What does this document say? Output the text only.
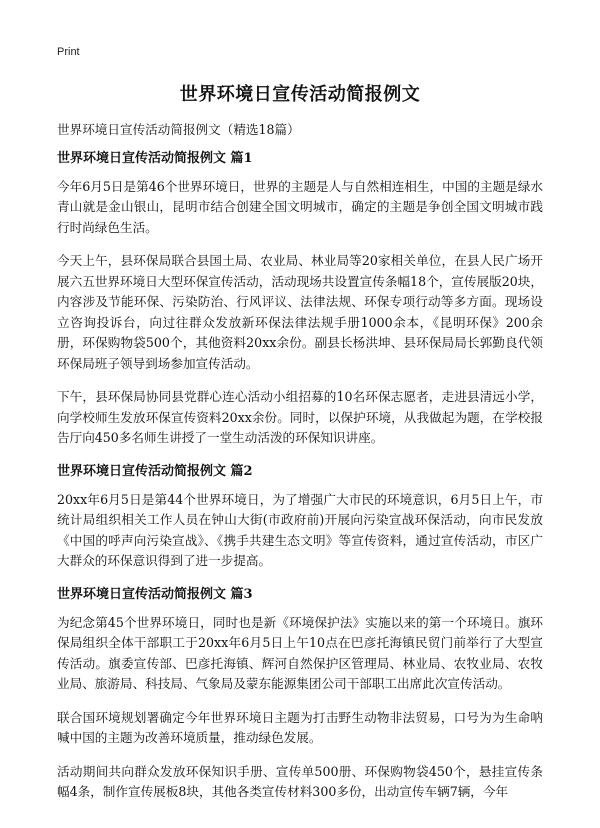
Print
世界环境日宣传活动简报例文
世界环境日宣传活动简报例文（精选18篇）
世界环境日宣传活动简报例文 篇1

今年6月5日是第46个世界环境日，世界的主题是人与自然相连相生，中国的主题是绿水青山就是金山银山，昆明市结合创建全国文明城市，确定的主题是争创全国文明城市践行时尚绿色生活。

今天上午，县环保局联合县国土局、农业局、林业局等20家相关单位，在县人民广场开展六五世界环境日大型环保宣传活动，活动现场共设置宣传条幅18个，宣传展版20块，内容涉及节能环保、污染防治、行风评议、法律法规、环保专项行动等多方面。现场设立咨询投诉台，向过往群众发放新环保法律法规手册1000余本，《昆明环保》200余册，环保购物袋500个，其他资料20xx余份。副县长杨洪坤、县环保局局长郭勤良代领环保局班子领导到场参加宣传活动。

下午，县环保局协同县党群心连心活动小组招募的10名环保志愿者，走进县清远小学，向学校师生发放环保宣传资料20xx余份。同时，以保护环境，从我做起为题，在学校报告厅向450多名师生讲授了一堂生动活泼的环保知识讲座。

世界环境日宣传活动简报例文 篇2

20xx年6月5日是第44个世界环境日，为了增强广大市民的环境意识，6月5日上午，市统计局组织相关工作人员在钟山大街(市政府前)开展向污染宣战环保活动，向市民发放《中国的呼声向污染宣战》、《携手共建生态文明》等宣传资料，通过宣传活动，市区广大群众的环保意识得到了进一步提高。

世界环境日宣传活动简报例文 篇3

为纪念第45个世界环境日，同时也是新《环境保护法》实施以来的第一个环境日。旗环保局组织全体干部职工于20xx年6月5日上午10点在巴彦托海镇民贸门前举行了大型宣传活动。旗委宣传部、巴彦托海镇、辉河自然保护区管理局、林业局、农牧业局、农牧业局、旅游局、科技局、气象局及蒙东能源集团公司干部职工出席此次宣传活动。

联合国环境规划署确定今年世界环境日主题为打击野生动物非法贸易，口号为为生命呐喊中国的主题为改善环境质量，推动绿色发展。

活动期间共向群众发放环保知识手册、宣传单500册、环保购物袋450个，悬挂宣传条幅4条，制作宣传展板8块，其他各类宣传材料300多份，出动宣传车辆7辆，今年
